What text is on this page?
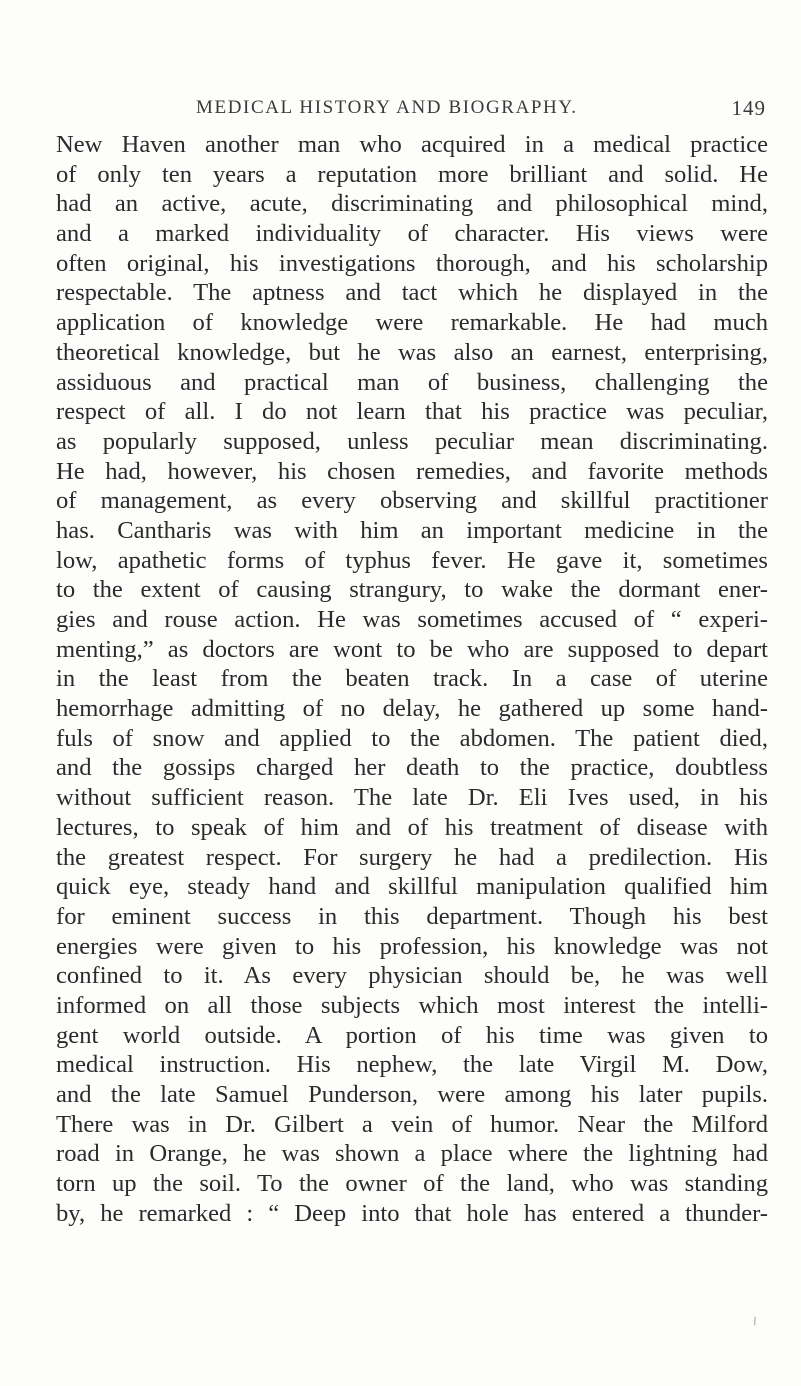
MEDICAL HISTORY AND BIOGRAPHY.	149
New Haven another man who acquired in a medical practice
of only ten years a reputation more brilliant and solid. He
had an active, acute, discriminating and philosophical mind,
and a marked individuality of character. His views were
often original, his investigations thorough, and his scholarship
respectable. The aptness and tact which he displayed in the
application of knowledge were remarkable. He had much
theoretical knowledge, but he was also an earnest, enterprising,
assiduous and practical man of business, challenging the
respect of all. I do not learn that his practice was peculiar,
as popularly supposed, unless peculiar mean discriminating.
He had, however, his chosen remedies, and favorite methods
of management, as every observing and skillful practitioner
has. Cantharis was with him an important medicine in the
low, apathetic forms of typhus fever. He gave it, sometimes
to the extent of causing strangury, to wake the dormant ener-
gies and rouse action. He was sometimes accused of “ experi-
menting,” as doctors are wont to be who are supposed to depart
in the least from the beaten track. In a case of uterine
hemorrhage admitting of no delay, he gathered up some hand-
fuls of snow and applied to the abdomen. The patient died,
and the gossips charged her death to the practice, doubtless
without sufficient reason. The late Dr. Eli Ives used, in his
lectures, to speak of him and of his treatment of disease with
the greatest respect. For surgery he had a predilection. His
quick eye, steady hand and skillful manipulation qualified him
for eminent success in this department. Though his best
energies were given to his profession, his knowledge was not
confined to it. As every physician should be, he was well
informed on all those subjects which most interest the intelli-
gent world outside. A portion of his time was given to
medical instruction. His nephew, the late Virgil M. Dow,
and the late Samuel Punderson, were among his later pupils.
There was in Dr. Gilbert a vein of humor. Near the Milford
road in Orange, he was shown a place where the lightning had
torn up the soil. To the owner of the land, who was standing
by, he remarked : “ Deep into that hole has entered a thunder-
\
